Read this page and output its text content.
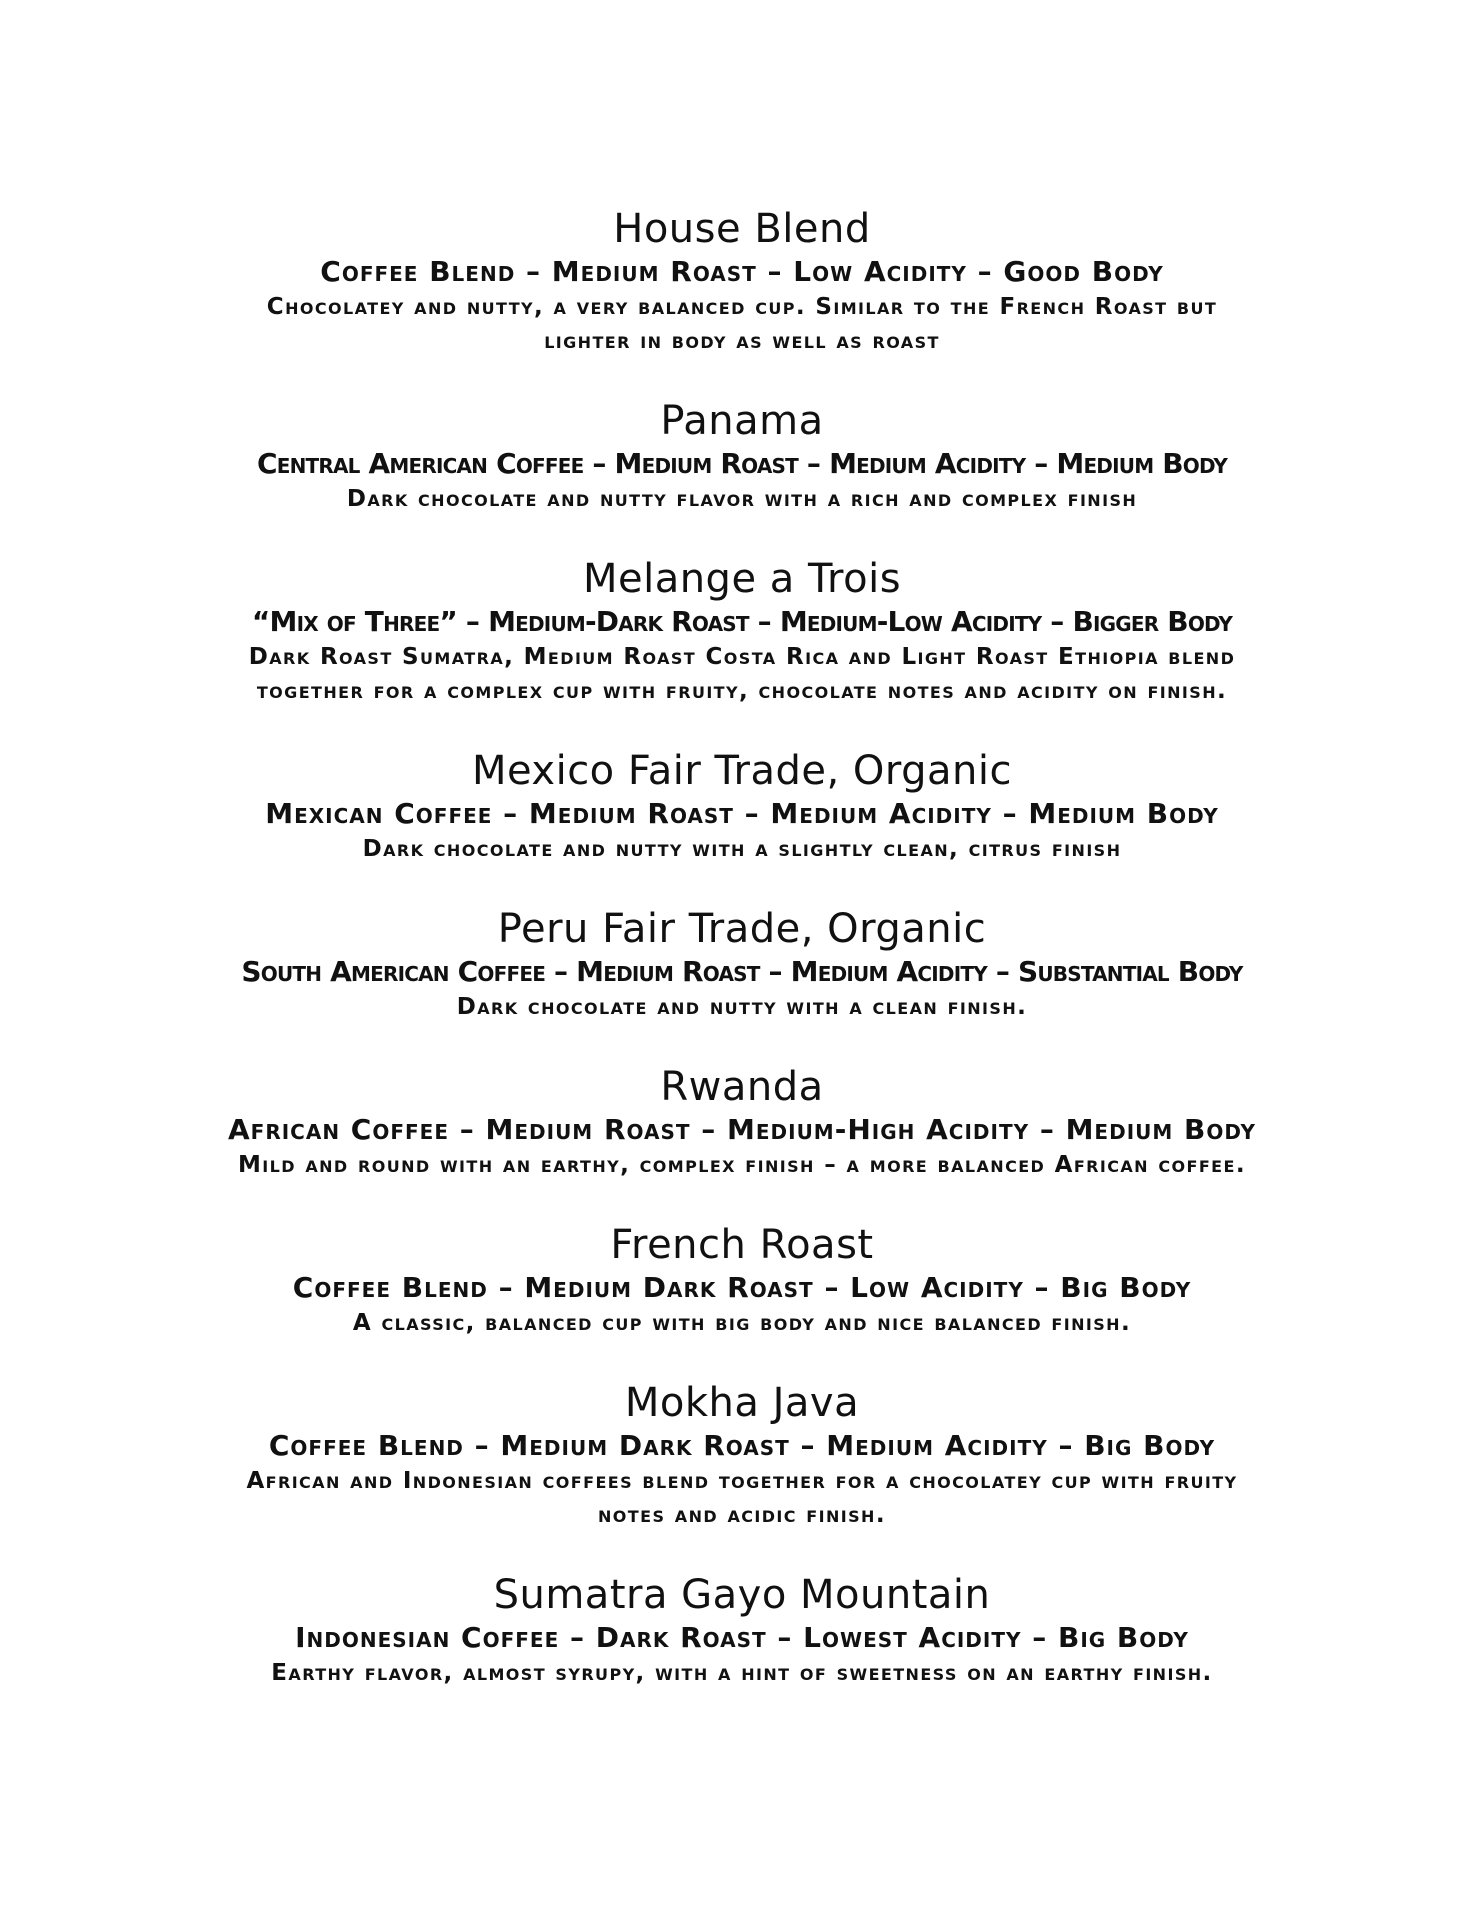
House Blend

Coffee Blend – Medium Roast – Low Acidity – Good Body

Chocolatey and nutty, a very balanced cup. Similar to the French Roast but
lighter in body as well as roast

Panama

Central American Coffee – Medium Roast – Medium Acidity – Medium Body

Dark chocolate and nutty flavor with a rich and complex finish

Melange a Trois

“Mix of Three” – Medium-Dark Roast – Medium-Low Acidity – Bigger Body

Dark Roast Sumatra, Medium Roast Costa Rica and Light Roast Ethiopia blend
together for a complex cup with fruity, chocolate notes and acidity on finish.

Mexico Fair Trade, Organic

Mexican Coffee – Medium Roast – Medium Acidity – Medium Body

Dark chocolate and nutty with a slightly clean, citrus finish

Peru Fair Trade, Organic

South American Coffee – Medium Roast – Medium Acidity – Substantial Body

Dark chocolate and nutty with a clean finish.

Rwanda

African Coffee – Medium Roast – Medium-High Acidity – Medium Body

Mild and round with an earthy, complex finish – a more balanced African coffee.

French Roast

Coffee Blend – Medium Dark Roast – Low Acidity – Big Body

A classic, balanced cup with big body and nice balanced finish.

Mokha Java

Coffee Blend – Medium Dark Roast – Medium Acidity – Big Body

African and Indonesian coffees blend together for a chocolatey cup with fruity
notes and acidic finish.

Sumatra Gayo Mountain

Indonesian Coffee – Dark Roast – Lowest Acidity – Big Body

Earthy flavor, almost syrupy, with a hint of sweetness on an earthy finish.
